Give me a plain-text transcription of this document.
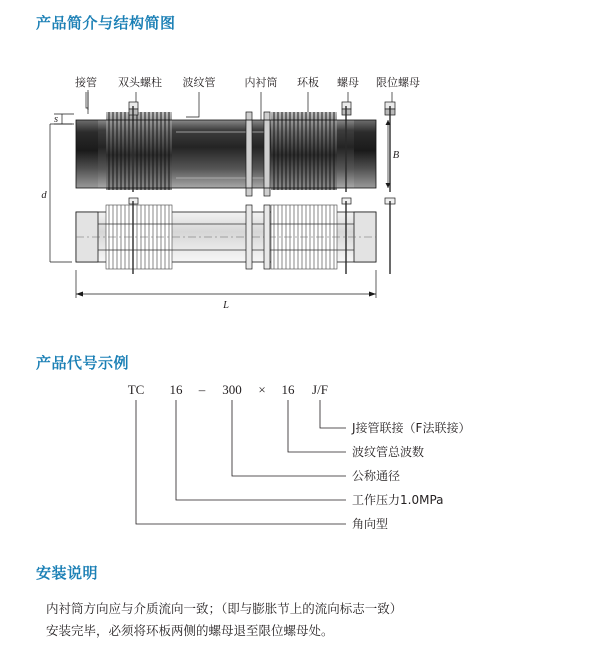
产品简介与结构简图
产品代号示例
安装说明
接管 双头螺柱 波纹管	内衬筒 环板 螺母 限位螺母
s
d
B
L
TC 16 – 300 × 16 J/F
J接管联接（F法联接）
波纹管总波数
公称通径
工作压力1.0MPa
角向型
内衬筒方向应与介质流向一致；（即与膨胀节上的流向标志一致）
安装完毕，必须将环板两侧的螺母退至限位螺母处。
